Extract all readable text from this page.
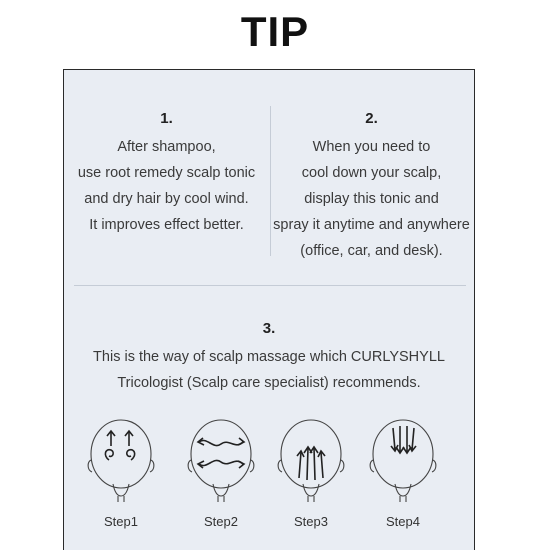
TIP
1.
After shampoo,
use root remedy scalp tonic
and dry hair by cool wind.
It improves effect better.
2.
When you need to
cool down your scalp,
display this tonic and
spray it anytime and anywhere
(office, car, and desk).
3.
This is the way of scalp massage which CURLYSHYLL
Tricologist (Scalp care specialist) recommends.
Step1	Step2	Step3	Step4
